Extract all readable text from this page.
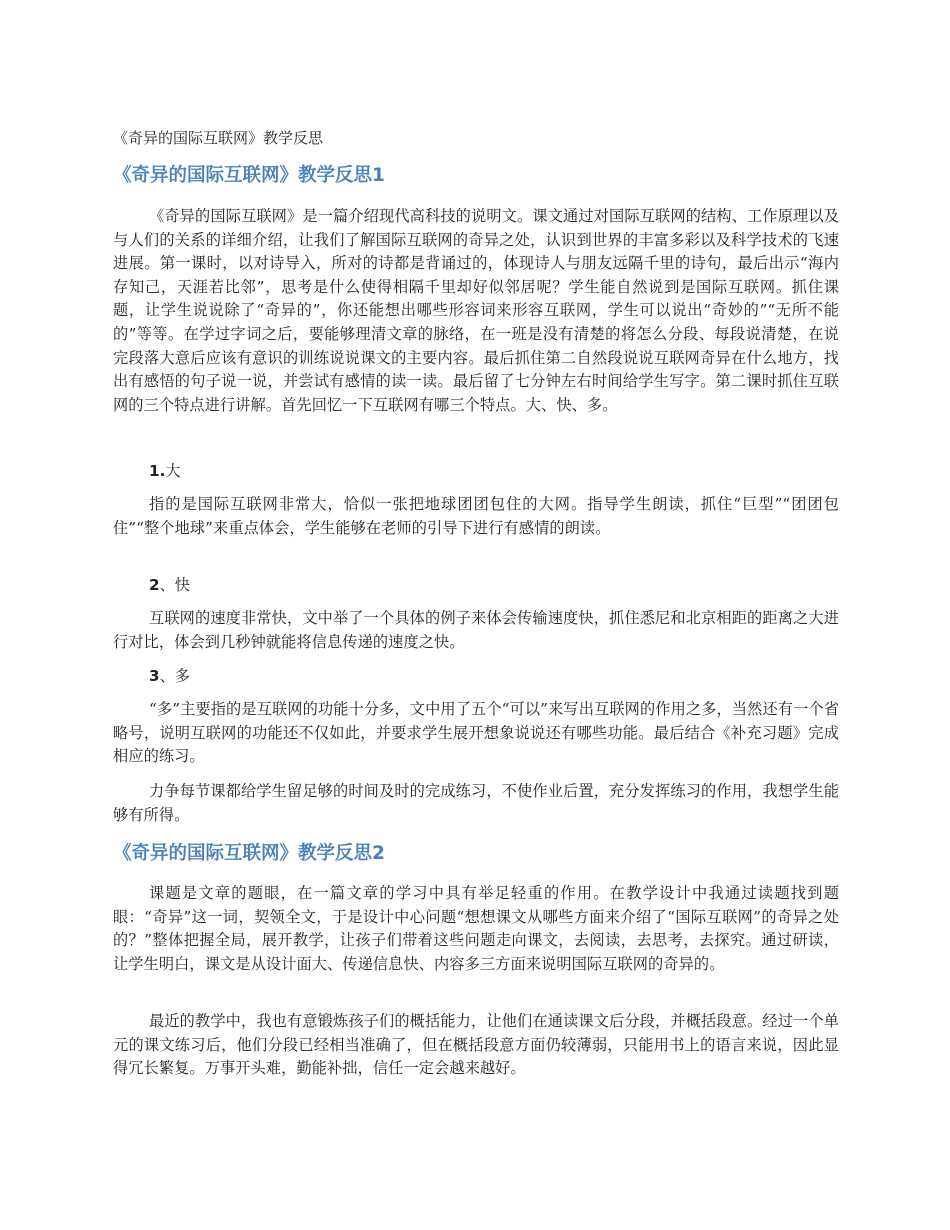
《奇异的国际互联网》教学反思
《奇异的国际互联网》教学反思1

《奇异的国际互联网》是一篇介绍现代高科技的说明文。课文通过对国际互联网的结构、工作原理以及与人们的关系的详细介绍，让我们了解国际互联网的奇异之处，认识到世界的丰富多彩以及科学技术的飞速进展。第一课时，以对诗导入，所对的诗都是背诵过的，体现诗人与朋友远隔千里的诗句，最后出示“海内存知己，天涯若比邻”，思考是什么使得相隔千里却好似邻居呢？学生能自然说到是国际互联网。抓住课题，让学生说说除了“奇异的”，你还能想出哪些形容词来形容互联网，学生可以说出“奇妙的”“无所不能的”等等。在学过字词之后，要能够理清文章的脉络，在一班是没有清楚的将怎么分段、每段说清楚，在说完段落大意后应该有意识的训练说说课文的主要内容。最后抓住第二自然段说说互联网奇异在什么地方，找出有感悟的句子说一说，并尝试有感情的读一读。最后留了七分钟左右时间给学生写字。第二课时抓住互联网的三个特点进行讲解。首先回忆一下互联网有哪三个特点。大、快、多。

1.大

指的是国际互联网非常大，恰似一张把地球团团包住的大网。指导学生朗读，抓住“巨型”“团团包住”“整个地球”来重点体会，学生能够在老师的引导下进行有感情的朗读。

2、快

互联网的速度非常快，文中举了一个具体的例子来体会传输速度快，抓住悉尼和北京相距的距离之大进行对比，体会到几秒钟就能将信息传递的速度之快。

3、多

“多”主要指的是互联网的功能十分多，文中用了五个“可以”来写出互联网的作用之多，当然还有一个省略号，说明互联网的功能还不仅如此，并要求学生展开想象说说还有哪些功能。最后结合《补充习题》完成相应的练习。

力争每节课都给学生留足够的时间及时的完成练习，不使作业后置，充分发挥练习的作用，我想学生能够有所得。

《奇异的国际互联网》教学反思2

课题是文章的题眼，在一篇文章的学习中具有举足轻重的作用。在教学设计中我通过读题找到题眼：“奇异”这一词，契领全文，于是设计中心问题“想想课文从哪些方面来介绍了“国际互联网”的奇异之处的？”整体把握全局，展开教学，让孩子们带着这些问题走向课文，去阅读，去思考，去探究。通过研读，让学生明白，课文是从设计面大、传递信息快、内容多三方面来说明国际互联网的奇异的。

最近的教学中，我也有意锻炼孩子们的概括能力，让他们在通读课文后分段，并概括段意。经过一个单元的课文练习后，他们分段已经相当准确了，但在概括段意方面仍较薄弱，只能用书上的语言来说，因此显得冗长繁复。万事开头难，勤能补拙，信任一定会越来越好。
